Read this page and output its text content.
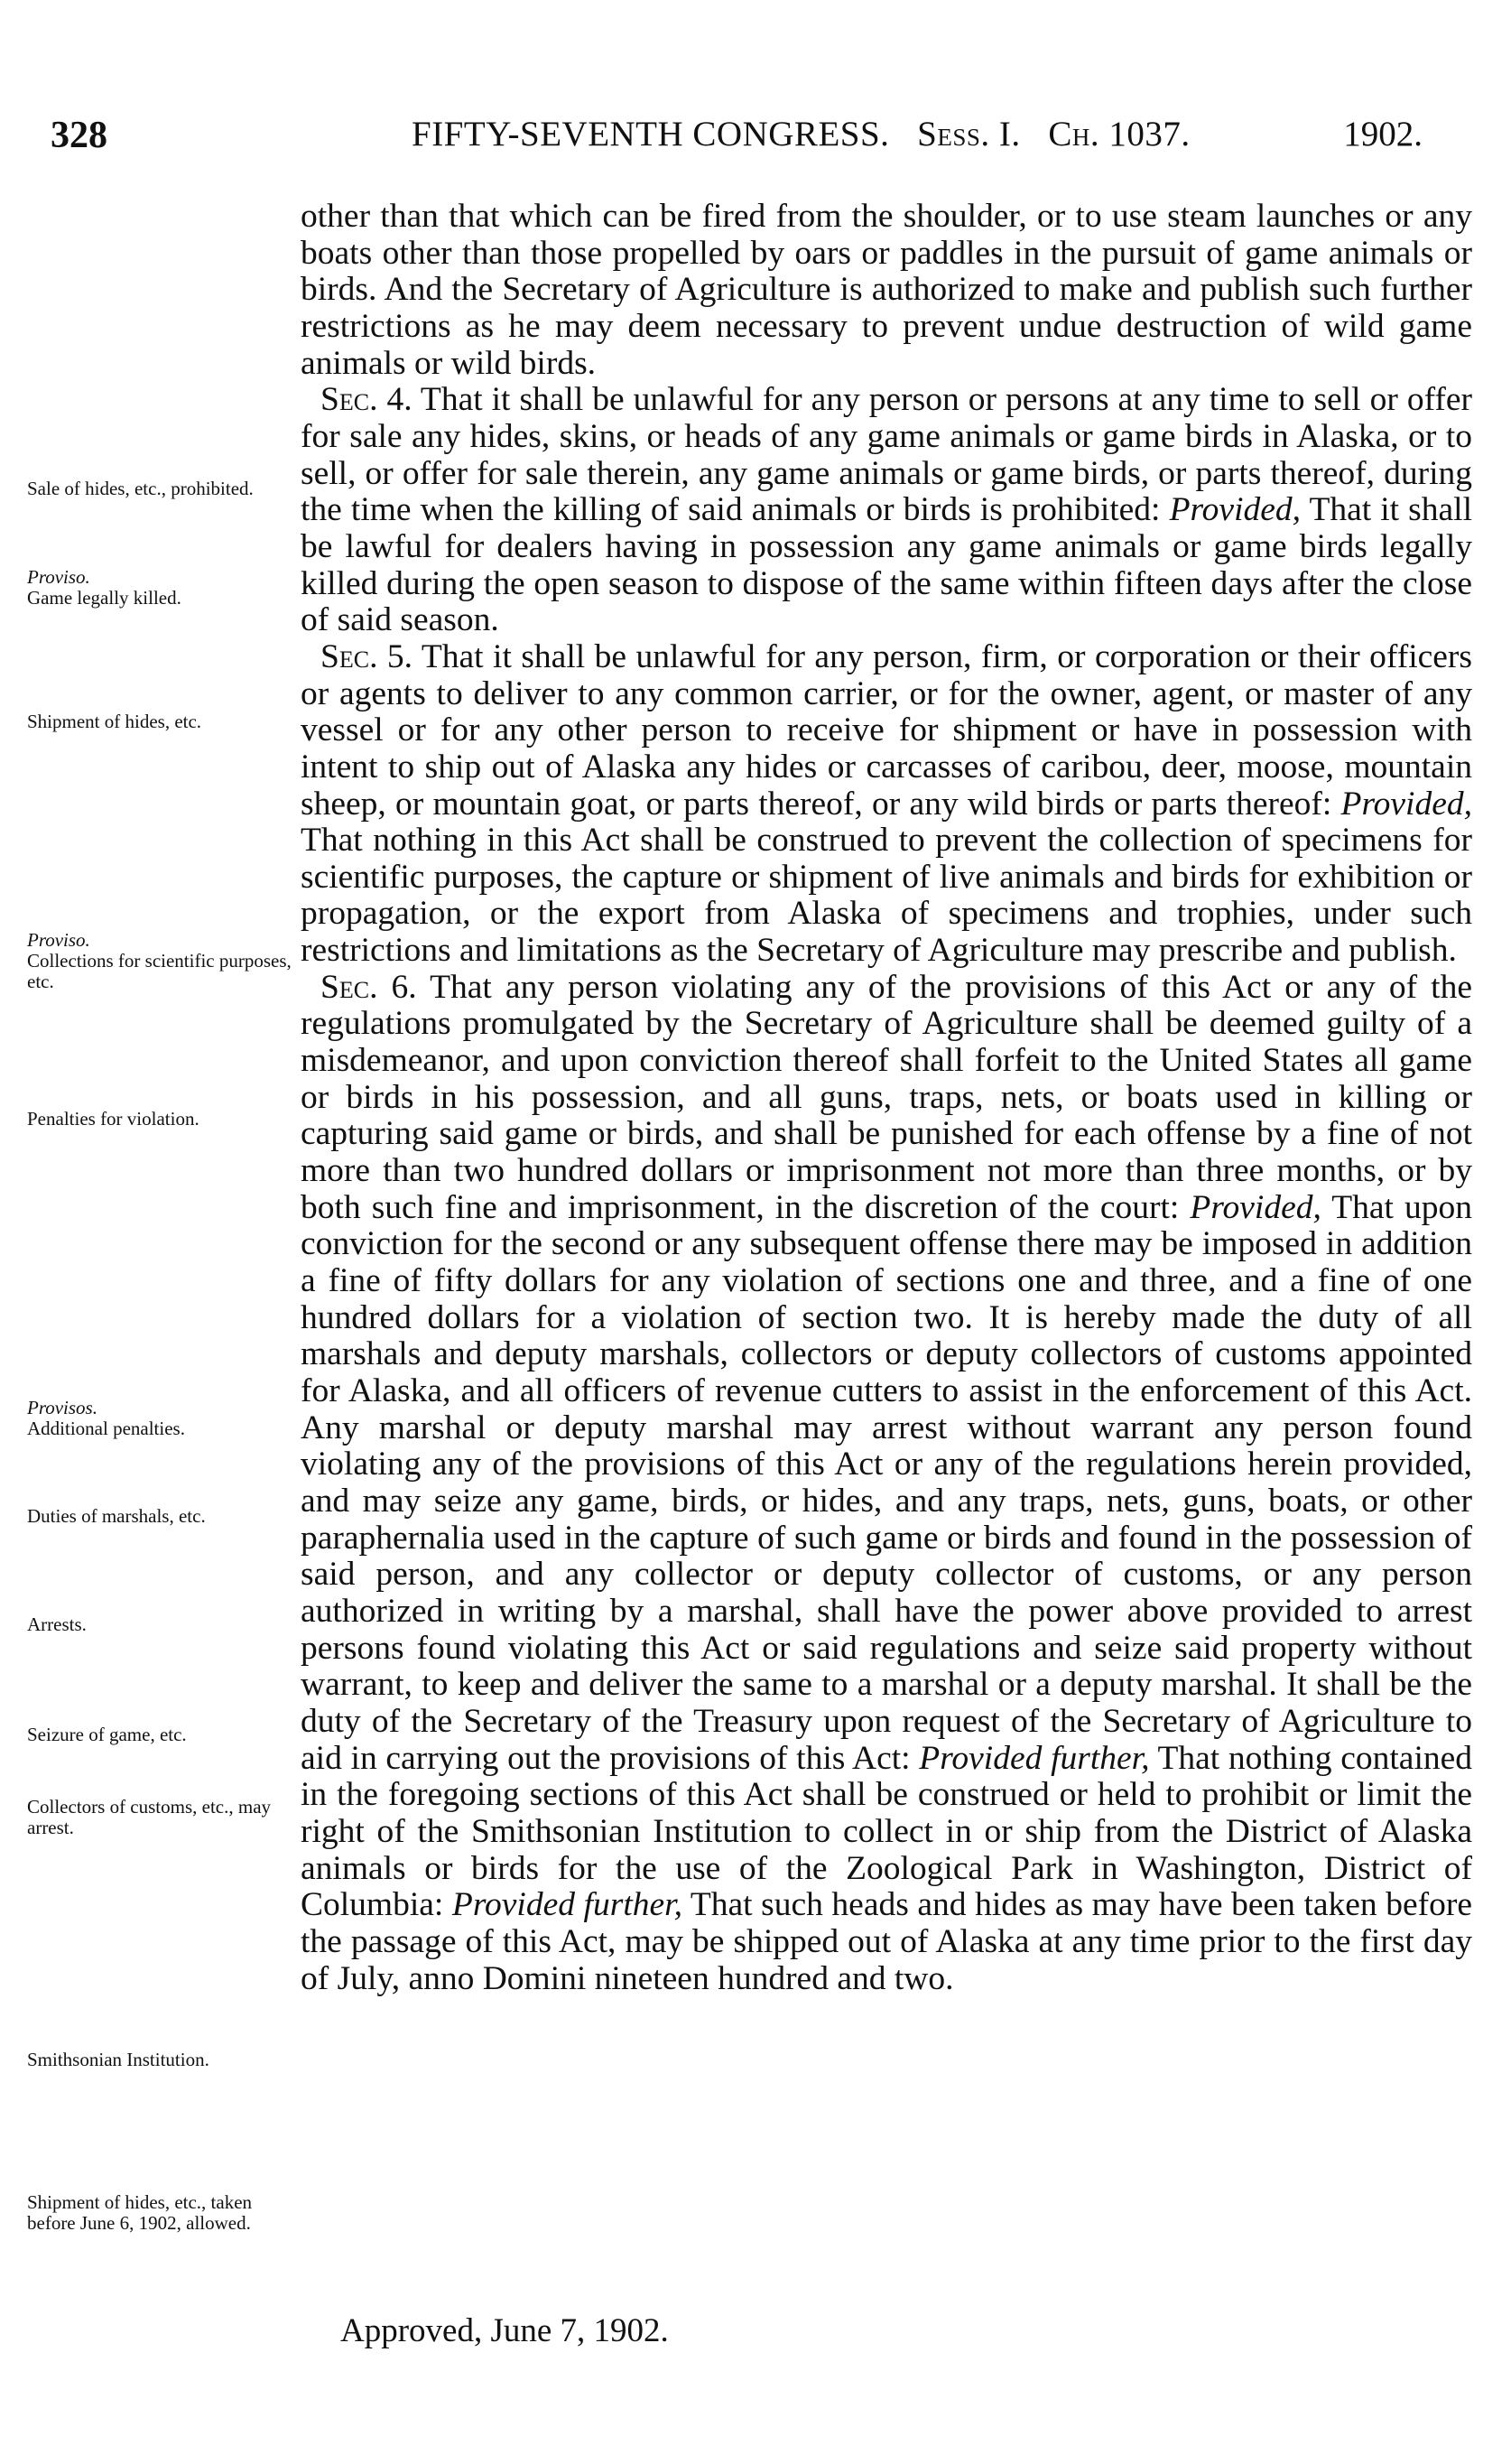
328	FIFTY-SEVENTH CONGRESS. Sess. I. Ch. 1037.	1902.
Sale of hides, etc., prohibited.
Proviso.
Game legally killed.
Shipment of hides, etc.
Proviso.
Collections for scientific purposes, etc.
Penalties for violation.
Provisos.
Additional penalties.
Duties of marshals, etc.
Arrests.
Seizure of game, etc.
Collectors of customs, etc., may arrest.
Smithsonian Institution.
Shipment of hides, etc., taken before June 6, 1902, allowed.

other than that which can be fired from the shoulder, or to use steam launches or any boats other than those propelled by oars or paddles in the pursuit of game animals or birds. And the Secretary of Agriculture is authorized to make and publish such further restrictions as he may deem necessary to prevent undue destruction of wild game animals or wild birds.

Sec. 4. That it shall be unlawful for any person or persons at any time to sell or offer for sale any hides, skins, or heads of any game animals or game birds in Alaska, or to sell, or offer for sale therein, any game animals or game birds, or parts thereof, during the time when the killing of said animals or birds is prohibited: Provided, That it shall be lawful for dealers having in possession any game animals or game birds legally killed during the open season to dispose of the same within fifteen days after the close of said season.

Sec. 5. That it shall be unlawful for any person, firm, or corporation or their officers or agents to deliver to any common carrier, or for the owner, agent, or master of any vessel or for any other person to receive for shipment or have in possession with intent to ship out of Alaska any hides or carcasses of caribou, deer, moose, mountain sheep, or mountain goat, or parts thereof, or any wild birds or parts thereof: Provided, That nothing in this Act shall be construed to prevent the collection of specimens for scientific purposes, the capture or shipment of live animals and birds for exhibition or propagation, or the export from Alaska of specimens and trophies, under such restrictions and limitations as the Secretary of Agriculture may prescribe and publish.

Sec. 6. That any person violating any of the provisions of this Act or any of the regulations promulgated by the Secretary of Agriculture shall be deemed guilty of a misdemeanor, and upon conviction thereof shall forfeit to the United States all game or birds in his possession, and all guns, traps, nets, or boats used in killing or capturing said game or birds, and shall be punished for each offense by a fine of not more than two hundred dollars or imprisonment not more than three months, or by both such fine and imprisonment, in the discretion of the court: Provided, That upon conviction for the second or any subsequent offense there may be imposed in addition a fine of fifty dollars for any violation of sections one and three, and a fine of one hundred dollars for a violation of section two. It is hereby made the duty of all marshals and deputy marshals, collectors or deputy collectors of customs appointed for Alaska, and all officers of revenue cutters to assist in the enforcement of this Act. Any marshal or deputy marshal may arrest without warrant any person found violating any of the provisions of this Act or any of the regulations herein provided, and may seize any game, birds, or hides, and any traps, nets, guns, boats, or other paraphernalia used in the capture of such game or birds and found in the possession of said person, and any collector or deputy collector of customs, or any person authorized in writing by a marshal, shall have the power above provided to arrest persons found violating this Act or said regulations and seize said property without warrant, to keep and deliver the same to a marshal or a deputy marshal. It shall be the duty of the Secretary of the Treasury upon request of the Secretary of Agriculture to aid in carrying out the provisions of this Act: Provided further, That nothing contained in the foregoing sections of this Act shall be construed or held to prohibit or limit the right of the Smithsonian Institution to collect in or ship from the District of Alaska animals or birds for the use of the Zoological Park in Washington, District of Columbia: Provided further, That such heads and hides as may have been taken before the passage of this Act, may be shipped out of Alaska at any time prior to the first day of July, anno Domini nineteen hundred and two.

Approved, June 7, 1902.
